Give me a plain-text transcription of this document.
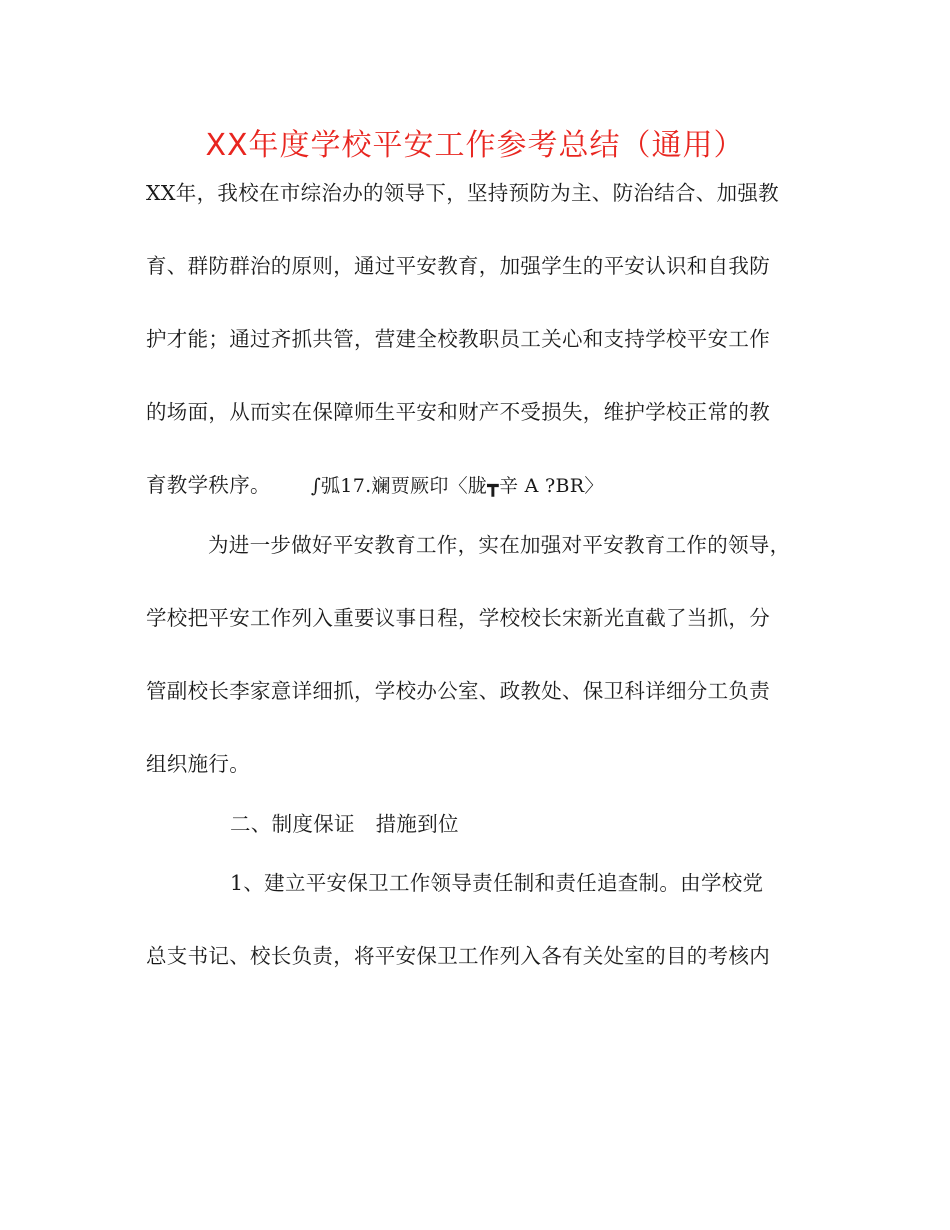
XX年度学校平安工作参考总结（通用）
XX年，我校在市综治办的领导下，坚持预防为主、防治结合、加强教
育、群防群治的原则，通过平安教育，加强学生的平安认识和自我防
护才能；通过齐抓共管，营建全校教职员工关心和支持学校平安工作
的场面，从而实在保障师生平安和财产不受损失，维护学校正常的教
育教学秩序。 ∫弧17.斓贾厥印〈胧┳辛 A ?BR〉
为进一步做好平安教育工作，实在加强对平安教育工作的领导，
学校把平安工作列入重要议事日程，学校校长宋新光直截了当抓，分
管副校长李家意详细抓，学校办公室、政教处、保卫科详细分工负责
组织施行。
二、制度保证　措施到位
1、建立平安保卫工作领导责任制和责任追查制。由学校党
总支书记、校长负责，将平安保卫工作列入各有关处室的目的考核内
